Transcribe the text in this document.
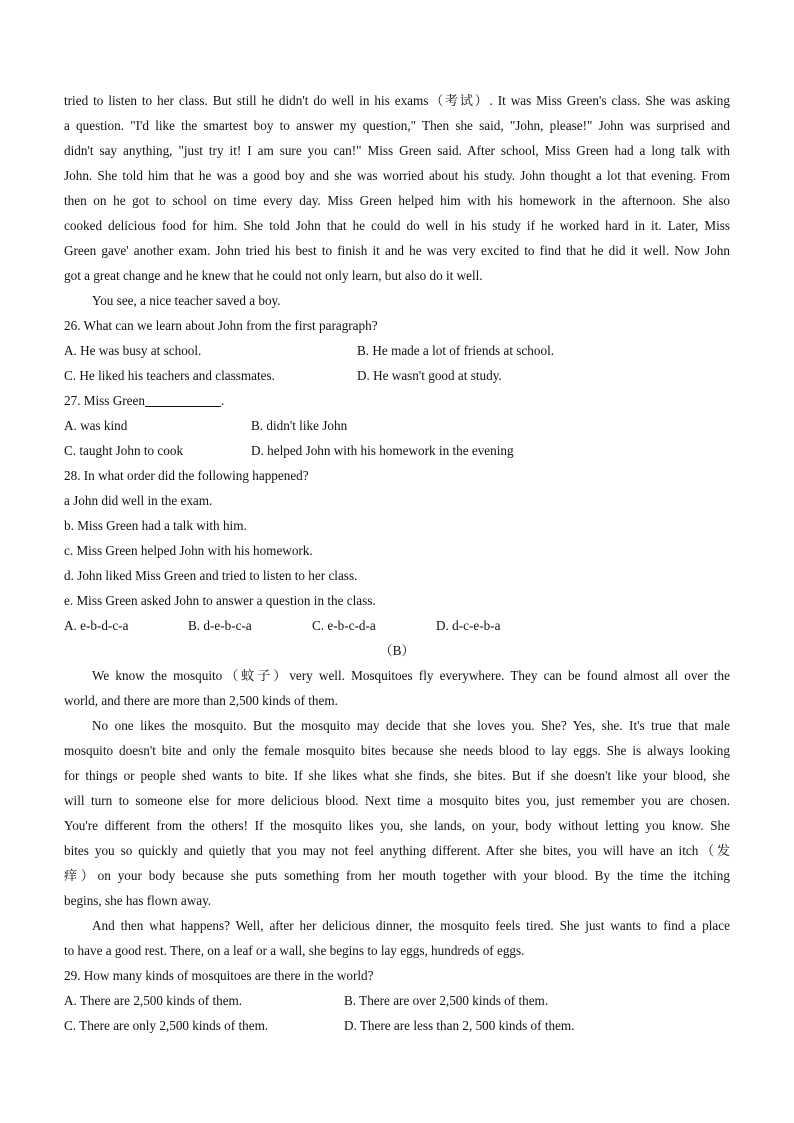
tried to listen to her class. But still he didn't do well in his exams（考试）. It was Miss Green's class. She was asking
a question. "I'd like the smartest boy to answer my question," Then she said, "John, please!" John was surprised and
didn't say anything, "just try it! I am sure you can!" Miss Green said. After school, Miss Green had a long talk with
John. She told him that he was a good boy and she was worried about his study. John thought a lot that evening. From
then on he got to school on time every day. Miss Green helped him with his homework in the afternoon. She also
cooked delicious food for him. She told John that he could do well in his study if he worked hard in it. Later, Miss
Green gave' another exam. John tried his best to finish it and he was very excited to find that he did it well. Now John
got a great change and he knew that he could not only learn, but also do it well.
You see, a nice teacher saved a boy.
26. What can we learn about John from the first paragraph?
A. He was busy at school.	B. He made a lot of friends at school.
C. He liked his teachers and classmates.	D. He wasn't good at study.
27. Miss Green	.
A. was kind	B. didn't like John
C. taught John to cook	D. helped John with his homework in the evening
28. In what order did the following happened?
a John did well in the exam.
b. Miss Green had a talk with him.
c. Miss Green helped John with his homework.
d. John liked Miss Green and tried to listen to her class.
e. Miss Green asked John to answer a question in the class.
A. e-b-d-c-a	B. d-e-b-c-a	C. e-b-c-d-a	D. d-c-e-b-a
（B）
We know the mosquito（蚊子）very well. Mosquitoes fly everywhere. They can be found almost all over the
world, and there are more than 2,500 kinds of them.
No one likes the mosquito. But the mosquito may decide that she loves you. She? Yes, she. It's true that male
mosquito doesn't bite and only the female mosquito bites because she needs blood to lay eggs. She is always looking
for things or people shed wants to bite. If she likes what she finds, she bites. But if she doesn't like your blood, she
will turn to someone else for more delicious blood. Next time a mosquito bites you, just remember you are chosen.
You're different from the others! If the mosquito likes you, she lands, on your, body without letting you know. She
bites you so quickly and quietly that you may not feel anything different. After she bites, you will have an itch（发
痒）on your body because she puts something from her mouth together with your blood. By the time the itching
begins, she has flown away.
And then what happens? Well, after her delicious dinner, the mosquito feels tired. She just wants to find a place
to have a good rest. There, on a leaf or a wall, she begins to lay eggs, hundreds of eggs.
29. How many kinds of mosquitoes are there in the world?
A. There are 2,500 kinds of them.	B. There are over 2,500 kinds of them.
C. There are only 2,500 kinds of them.	D. There are less than 2, 500 kinds of them.
